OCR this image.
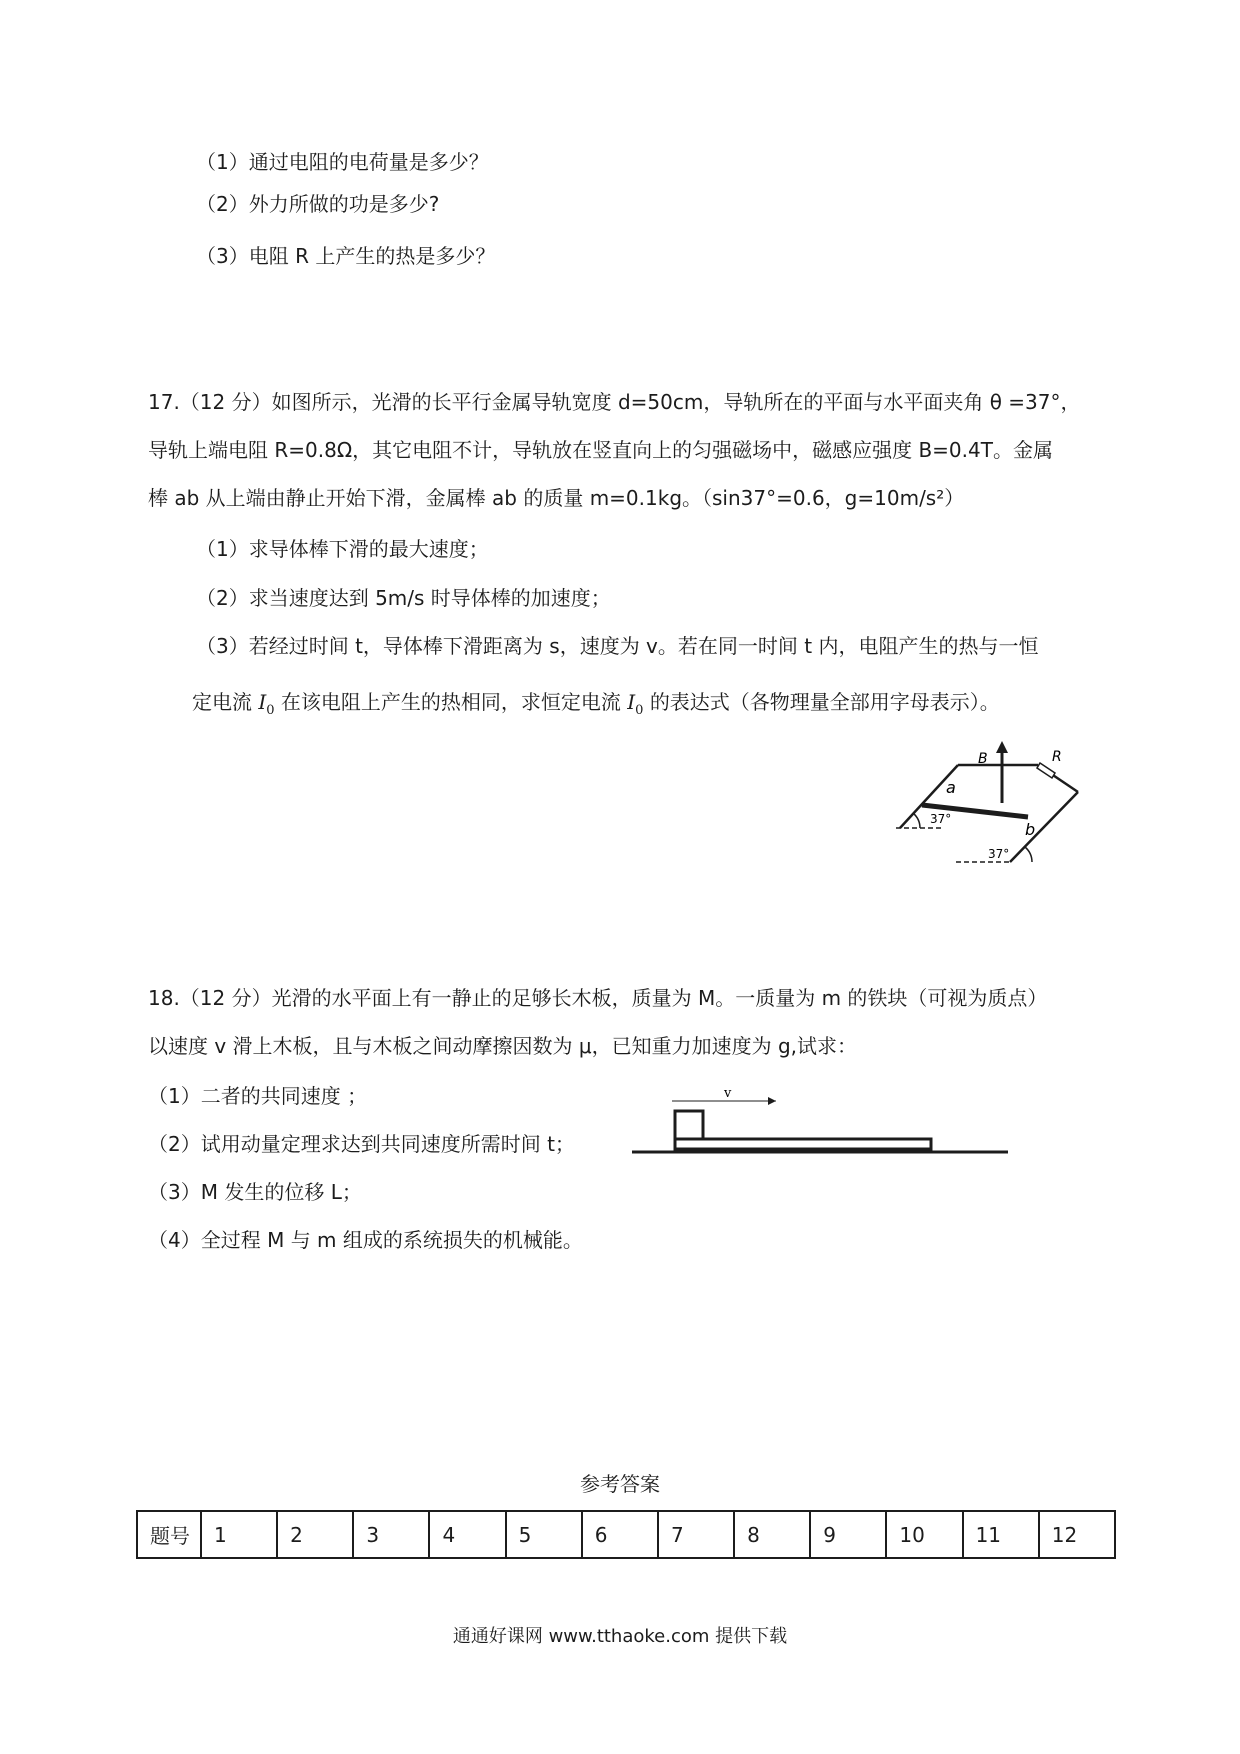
（1）通过电阻的电荷量是多少？
（2）外力所做的功是多少?
（3）电阻 R 上产生的热是多少？
17.（12 分）如图所示，光滑的长平行金属导轨宽度 d=50cm，导轨所在的平面与水平面夹角 θ =37°，
导轨上端电阻 R=0.8Ω，其它电阻不计，导轨放在竖直向上的匀强磁场中，磁感应强度 B=0.4T。金属
棒 ab 从上端由静止开始下滑，金属棒 ab 的质量 m=0.1kg。（sin37°=0.6，g=10m/s²）
（1）求导体棒下滑的最大速度；
（2）求当速度达到 5m/s 时导体棒的加速度；
（3）若经过时间 t，导体棒下滑距离为 s，速度为 v。若在同一时间 t 内，电阻产生的热与一恒
定电流 $I_0$ 在该电阻上产生的热相同，求恒定电流 $I_0$ 的表达式（各物理量全部用字母表示）。
B	R
a
b
37°
37°
18.（12 分）光滑的水平面上有一静止的足够长木板，质量为 M。一质量为 m 的铁块（可视为质点）
以速度 v 滑上木板，且与木板之间动摩擦因数为 μ，已知重力加速度为 g,试求：
（1）二者的共同速度 ；
（2）试用动量定理求达到共同速度所需时间 t；
（3）M 发生的位移 L；
（4）全过程 M 与 m 组成的系统损失的机械能。
v
参考答案
题号	1	2	3	4	5	6	7	8	9	10	11	12
通通好课网 www.tthaoke.com 提供下载
